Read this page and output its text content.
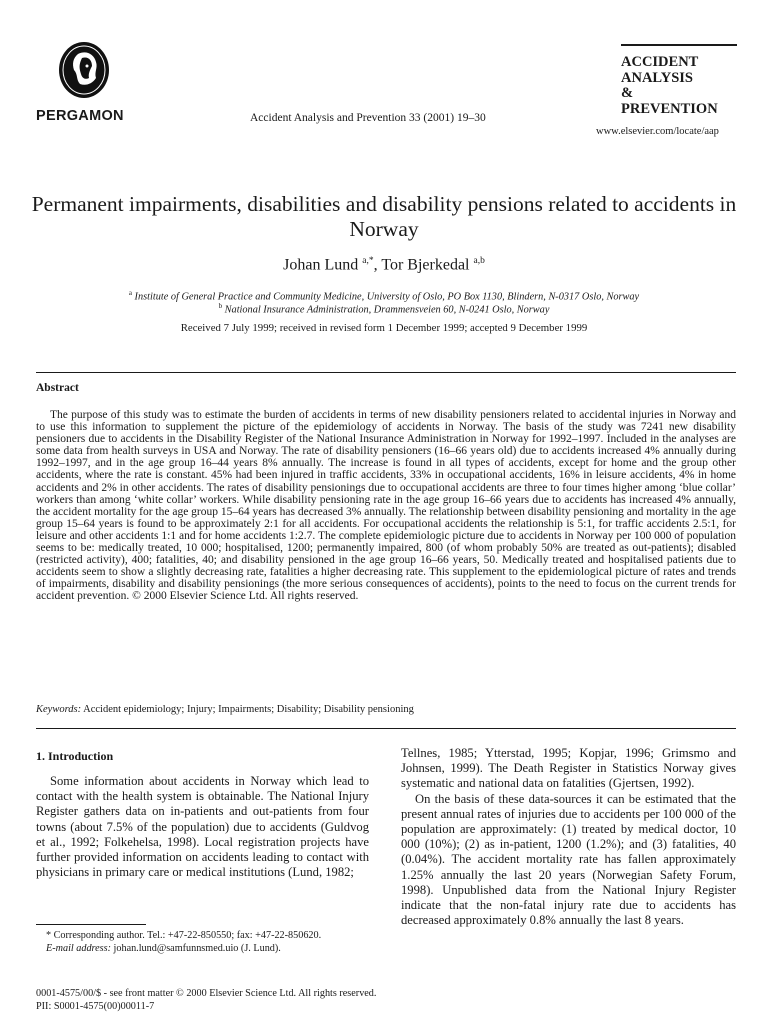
PERGAMON	Accident Analysis and Prevention 33 (2001) 19–30
ACCIDENT
ANALYSIS
&
PREVENTION
www.elsevier.com/locate/aap
Permanent impairments, disabilities and disability pensions related to accidents in Norway
Johan Lund $^{a,*}$, Tor Bjerkedal $^{a,b}$
$^a$ Institute of General Practice and Community Medicine, University of Oslo, PO Box 1130, Blindern, N-0317 Oslo, Norway
$^b$ National Insurance Administration, Drammensveien 60, N-0241 Oslo, Norway
Received 7 July 1999; received in revised form 1 December 1999; accepted 9 December 1999
Abstract

The purpose of this study was to estimate the burden of accidents in terms of new disability pensioners related to accidental injuries in Norway and to use this information to supplement the picture of the epidemiology of accidents in Norway. The basis of the study was 7241 new disability pensioners due to accidents in the Disability Register of the National Insurance Administration in Norway for 1992–1997. Included in the analyses are some data from health surveys in USA and Norway. The rate of disability pensioners (16–66 years old) due to accidents increased 4% annually during 1992–1997, and in the age group 16–44 years 8% annually. The increase is found in all types of accidents, except for home and the group other accidents, where the rate is constant. 45% had been injured in traffic accidents, 33% in occupational accidents, 16% in leisure accidents, 4% in home accidents and 2% in other accidents. The rates of disability pensionings due to occupational accidents are three to four times higher among ‘blue collar’ workers than among ‘white collar’ workers. While disability pensioning rate in the age group 16–66 years due to accidents has increased 4% annually, the accident mortality for the age group 15–64 years has decreased 3% annually. The relationship between disability pensioning and mortality in the age group 15–64 years is found to be approximately 2:1 for all accidents. For occupational accidents the relationship is 5:1, for traffic accidents 2.5:1, for leisure and other accidents 1:1 and for home accidents 1:2.7. The complete epidemiologic picture due to accidents in Norway per 100 000 of population seems to be: medically treated, 10 000; hospitalised, 1200; permanently impaired, 800 (of whom probably 50% are treated as out-patients); disabled (restricted activity), 400; fatalities, 40; and disability pensioned in the age group 16–66 years, 50. Medically treated and hospitalised patients due to accidents seem to show a slightly decreasing rate, fatalities a higher decreasing rate. This supplement to the epidemiological picture of rates and trends of impairments, disability and disability pensionings (the more serious consequences of accidents), points to the need to focus on the current trends for accident prevention. © 2000 Elsevier Science Ltd. All rights reserved.

Keywords: Accident epidemiology; Injury; Impairments; Disability; Disability pensioning
1. Introduction

Some information about accidents in Norway which lead to contact with the health system is obtainable. The National Injury Register gathers data on in-patients and out-patients from four towns (about 7.5% of the population) due to accidents (Guldvog et al., 1992; Folkehelsa, 1998). Local registration projects have further provided information on accidents leading to contact with physicians in primary care or medical institutions (Lund, 1982;

Tellnes, 1985; Ytterstad, 1995; Kopjar, 1996; Grimsmo and Johnsen, 1999). The Death Register in Statistics Norway gives systematic and national data on fatalities (Gjertsen, 1992).

On the basis of these data-sources it can be estimated that the present annual rates of injuries due to accidents per 100 000 of the population are approximately: (1) treated by medical doctor, 10 000 (10%); (2) as in-patient, 1200 (1.2%); and (3) fatalities, 40 (0.04%). The accident mortality rate has fallen approximately 1.25% annually the last 20 years (Norwegian Safety Forum, 1998). Unpublished data from the National Injury Register indicate that the non-fatal injury rate due to accidents has decreased approximately 0.8% annually the last 8 years.

* Corresponding author. Tel.: +47-22-850550; fax: +47-22-850620.

E-mail address: johan.lund@samfunnsmed.uio (J. Lund).

0001-4575/00/$ - see front matter © 2000 Elsevier Science Ltd. All rights reserved.
PII: S0001-4575(00)00011-7
